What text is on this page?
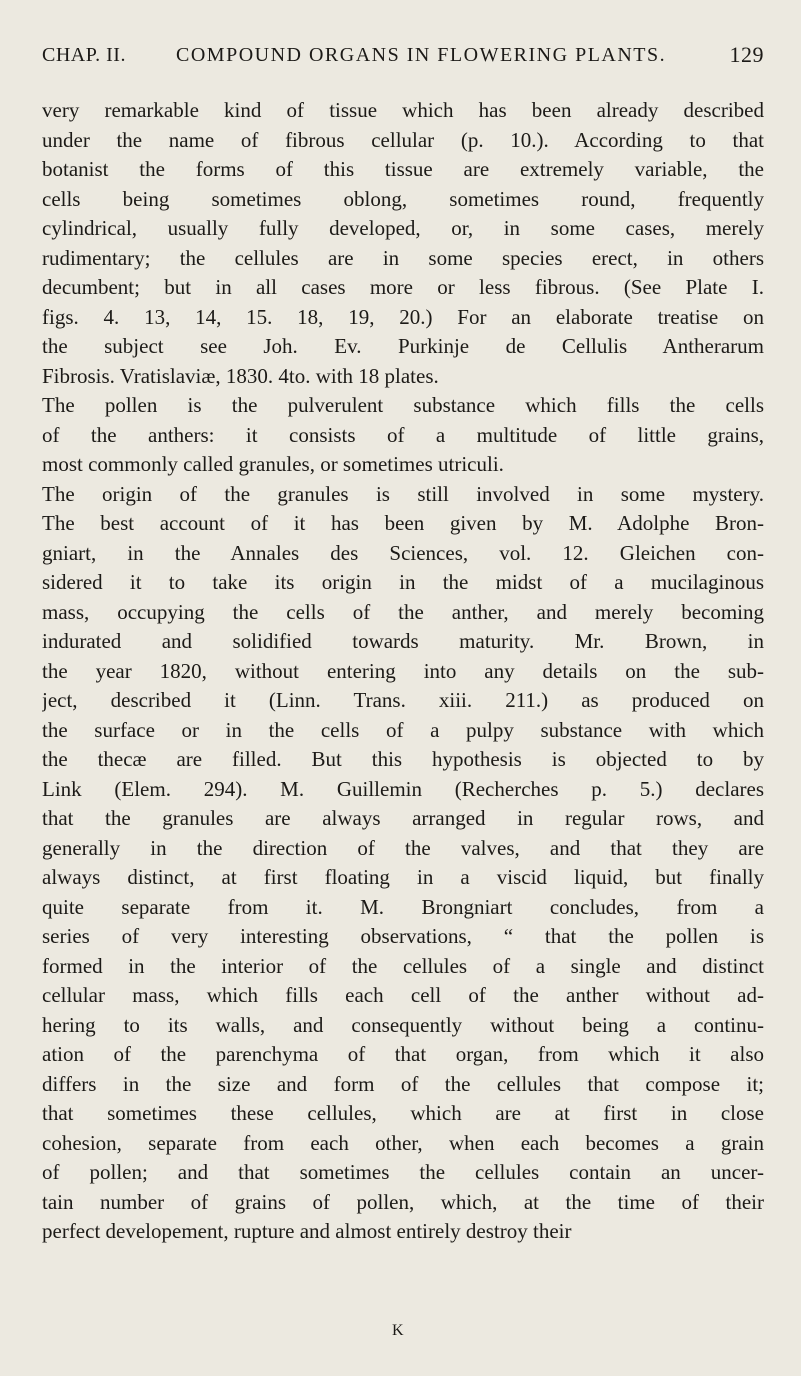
CHAP. II.	COMPOUND ORGANS IN FLOWERING PLANTS.	129
very remarkable kind of tissue which has been already described
under the name of fibrous cellular (p. 10.). According to that
botanist the forms of this tissue are extremely variable, the
cells being sometimes oblong, sometimes round, frequently
cylindrical, usually fully developed, or, in some cases, merely
rudimentary; the cellules are in some species erect, in others
decumbent; but in all cases more or less fibrous. (See Plate I.
figs. 4. 13, 14, 15. 18, 19, 20.) For an elaborate treatise on
the subject see Joh. Ev. Purkinje de Cellulis Antherarum
Fibrosis. Vratislaviæ, 1830. 4to. with 18 plates.
The pollen is the pulverulent substance which fills the cells
of the anthers: it consists of a multitude of little grains,
most commonly called granules, or sometimes utriculi.
The origin of the granules is still involved in some mystery.
The best account of it has been given by M. Adolphe Bron-
gniart, in the Annales des Sciences, vol. 12. Gleichen con-
sidered it to take its origin in the midst of a mucilaginous
mass, occupying the cells of the anther, and merely becoming
indurated and solidified towards maturity. Mr. Brown, in
the year 1820, without entering into any details on the sub-
ject, described it (Linn. Trans. xiii. 211.) as produced on
the surface or in the cells of a pulpy substance with which
the thecæ are filled. But this hypothesis is objected to by
Link (Elem. 294). M. Guillemin (Recherches p. 5.) declares
that the granules are always arranged in regular rows, and
generally in the direction of the valves, and that they are
always distinct, at first floating in a viscid liquid, but finally
quite separate from it. M. Brongniart concludes, from a
series of very interesting observations, “ that the pollen is
formed in the interior of the cellules of a single and distinct
cellular mass, which fills each cell of the anther without ad-
hering to its walls, and consequently without being a continu-
ation of the parenchyma of that organ, from which it also
differs in the size and form of the cellules that compose it;
that sometimes these cellules, which are at first in close
cohesion, separate from each other, when each becomes a grain
of pollen; and that sometimes the cellules contain an uncer-
tain number of grains of pollen, which, at the time of their
perfect developement, rupture and almost entirely destroy their
K
